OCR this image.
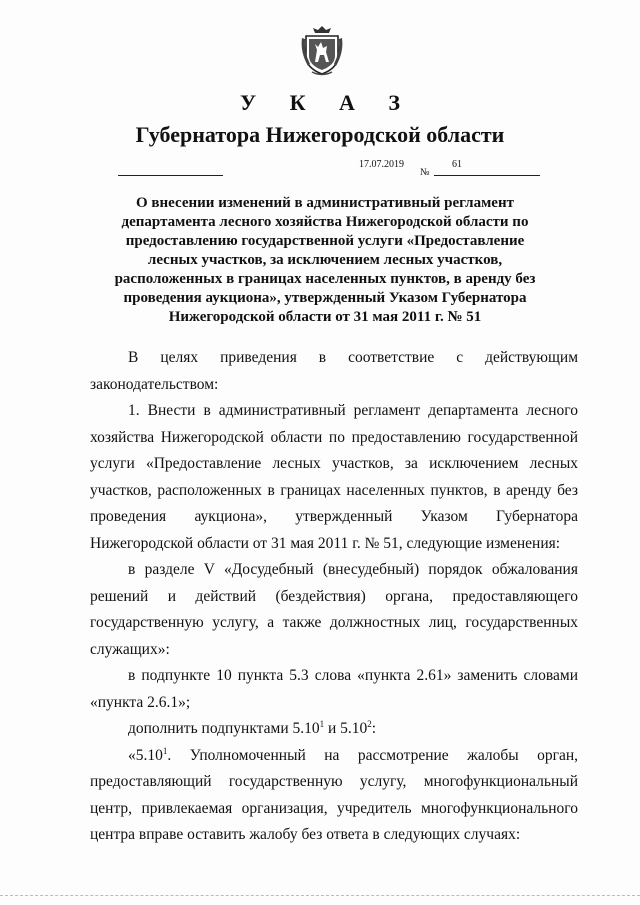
У К А З
Губернатора Нижегородской области
17.07.2019
№
61
О внесении изменений в административный регламент департамента лесного хозяйства Нижегородской области по предоставлению государственной услуги «Предоставление лесных участков, за исключением лесных участков, расположенных в границах населенных пунктов, в аренду без проведения аукциона», утвержденный Указом Губернатора Нижегородской области от 31 мая 2011 г. № 51

В целях приведения в соответствие с действующим законодательством:

1. Внести в административный регламент департамента лесного хозяйства Нижегородской области по предоставлению государственной услуги «Предоставление лесных участков, за исключением лесных участков, расположенных в границах населенных пунктов, в аренду без проведения аукциона», утвержденный Указом Губернатора Нижегородской области от 31 мая 2011 г. № 51, следующие изменения:

в разделе V «Досудебный (внесудебный) порядок обжалования решений и действий (бездействия) органа, предоставляющего государственную услугу, а также должностных лиц, государственных служащих»:

в подпункте 10 пункта 5.3 слова «пункта 2.61» заменить словами «пункта 2.6.1»;

дополнить подпунктами 5.10$^1$ и 5.10$^2$:

«5.10$^1$. Уполномоченный на рассмотрение жалобы орган, предоставляющий государственную услугу, многофункциональный центр, привлекаемая организация, учредитель многофункционального центра вправе оставить жалобу без ответа в следующих случаях:
